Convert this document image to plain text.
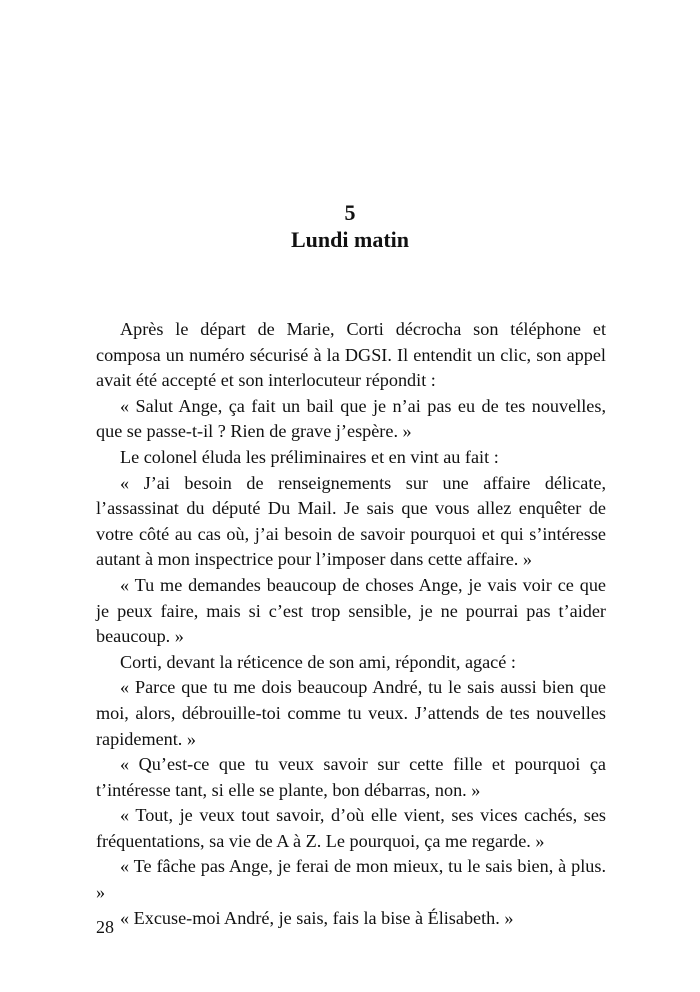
5
Lundi matin

Après le départ de Marie, Corti décrocha son téléphone et composa un numéro sécurisé à la DGSI. Il entendit un clic, son appel avait été accepté et son interlocuteur répondit :

« Salut Ange, ça fait un bail que je n’ai pas eu de tes nouvelles, que se passe-t-il ? Rien de grave j’espère. »

Le colonel éluda les préliminaires et en vint au fait :

« J’ai besoin de renseignements sur une affaire délicate, l’assassinat du député Du Mail. Je sais que vous allez enquêter de votre côté au cas où, j’ai besoin de savoir pourquoi et qui s’intéresse autant à mon inspectrice pour l’imposer dans cette affaire. »

« Tu me demandes beaucoup de choses Ange, je vais voir ce que je peux faire, mais si c’est trop sensible, je ne pourrai pas t’aider beaucoup. »

Corti, devant la réticence de son ami, répondit, agacé :

« Parce que tu me dois beaucoup André, tu le sais aussi bien que moi, alors, débrouille-toi comme tu veux. J’attends de tes nouvelles rapidement. »

« Qu’est-ce que tu veux savoir sur cette fille et pourquoi ça t’intéresse tant, si elle se plante, bon débarras, non. »

« Tout, je veux tout savoir, d’où elle vient, ses vices cachés, ses fréquentations, sa vie de A à Z. Le pourquoi, ça me regarde. »

« Te fâche pas Ange, je ferai de mon mieux, tu le sais bien, à plus. »

« Excuse-moi André, je sais, fais la bise à Élisabeth. »

28
